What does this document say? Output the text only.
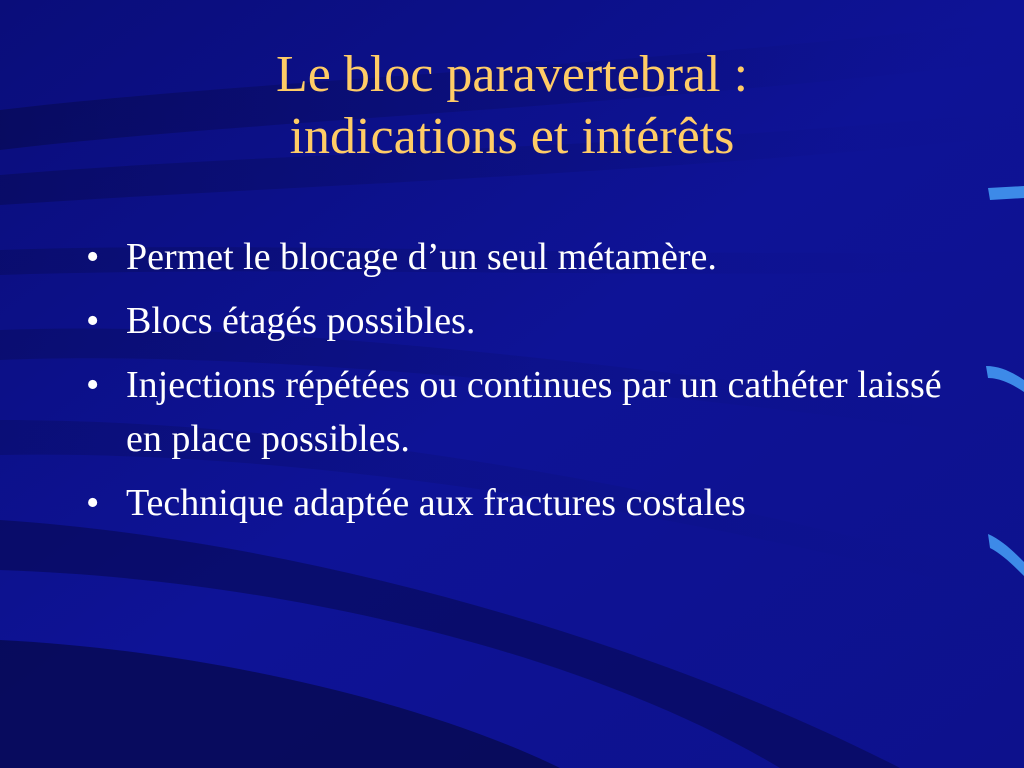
Le bloc paravertebral :
indications et intérêts
• Permet le blocage d’un seul métamère.
• Blocs étagés possibles.
• Injections répétées ou continues par un cathéter laissé en place possibles.
• Technique adaptée aux fractures costales
